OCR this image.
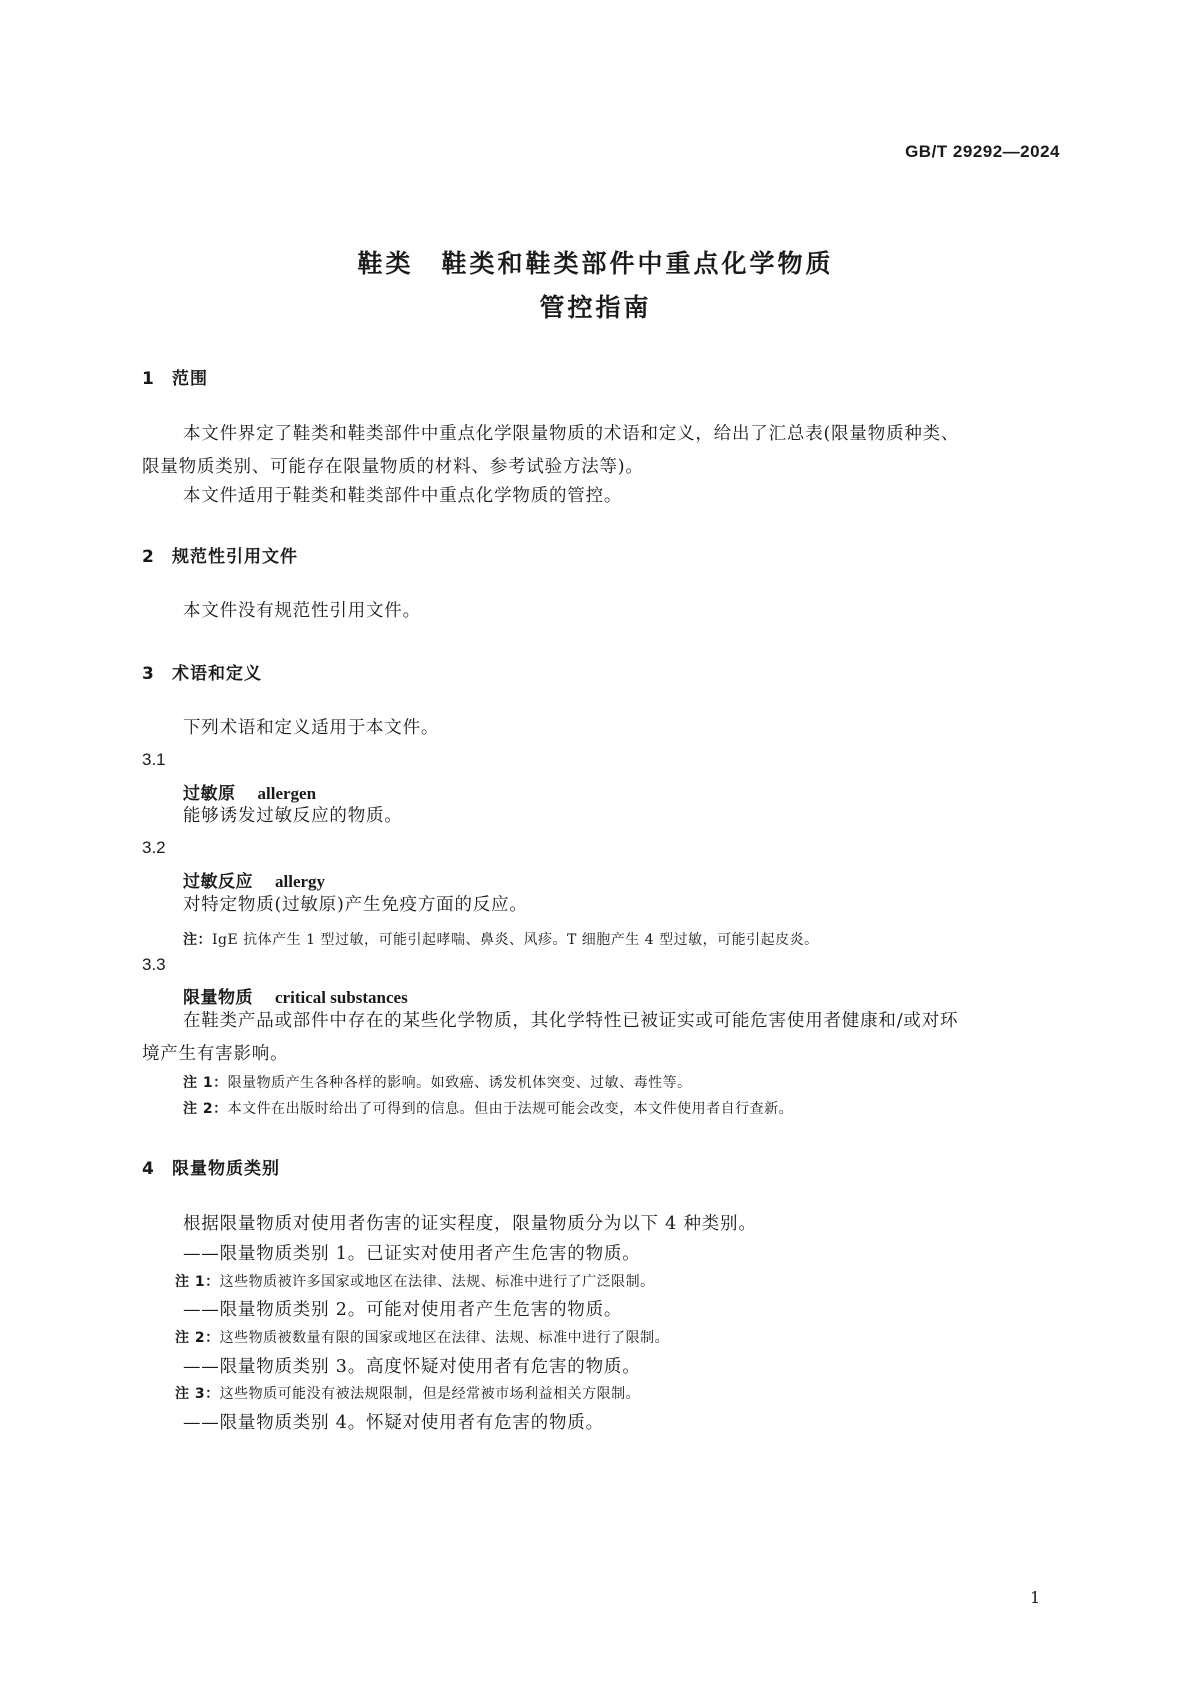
GB/T 29292—2024
鞋类　鞋类和鞋类部件中重点化学物质
管控指南
1 范围
本文件界定了鞋类和鞋类部件中重点化学限量物质的术语和定义，给出了汇总表(限量物质种类、
限量物质类别、可能存在限量物质的材料、参考试验方法等)。
本文件适用于鞋类和鞋类部件中重点化学物质的管控。
2 规范性引用文件
本文件没有规范性引用文件。
3 术语和定义
下列术语和定义适用于本文件。
3.1
过敏原 allergen
能够诱发过敏反应的物质。
3.2
过敏反应 allergy
对特定物质(过敏原)产生免疫方面的反应。
注：IgE 抗体产生 1 型过敏，可能引起哮喘、鼻炎、风疹。T 细胞产生 4 型过敏，可能引起皮炎。
3.3
限量物质 critical substances
在鞋类产品或部件中存在的某些化学物质，其化学特性已被证实或可能危害使用者健康和/或对环
境产生有害影响。
注 1：限量物质产生各种各样的影响。如致癌、诱发机体突变、过敏、毒性等。
注 2：本文件在出版时给出了可得到的信息。但由于法规可能会改变，本文件使用者自行查新。
4 限量物质类别
根据限量物质对使用者伤害的证实程度，限量物质分为以下 4 种类别。
——限量物质类别 1。已证实对使用者产生危害的物质。
注 1：这些物质被许多国家或地区在法律、法规、标准中进行了广泛限制。
——限量物质类别 2。可能对使用者产生危害的物质。
注 2：这些物质被数量有限的国家或地区在法律、法规、标准中进行了限制。
——限量物质类别 3。高度怀疑对使用者有危害的物质。
注 3：这些物质可能没有被法规限制，但是经常被市场利益相关方限制。
——限量物质类别 4。怀疑对使用者有危害的物质。
1
